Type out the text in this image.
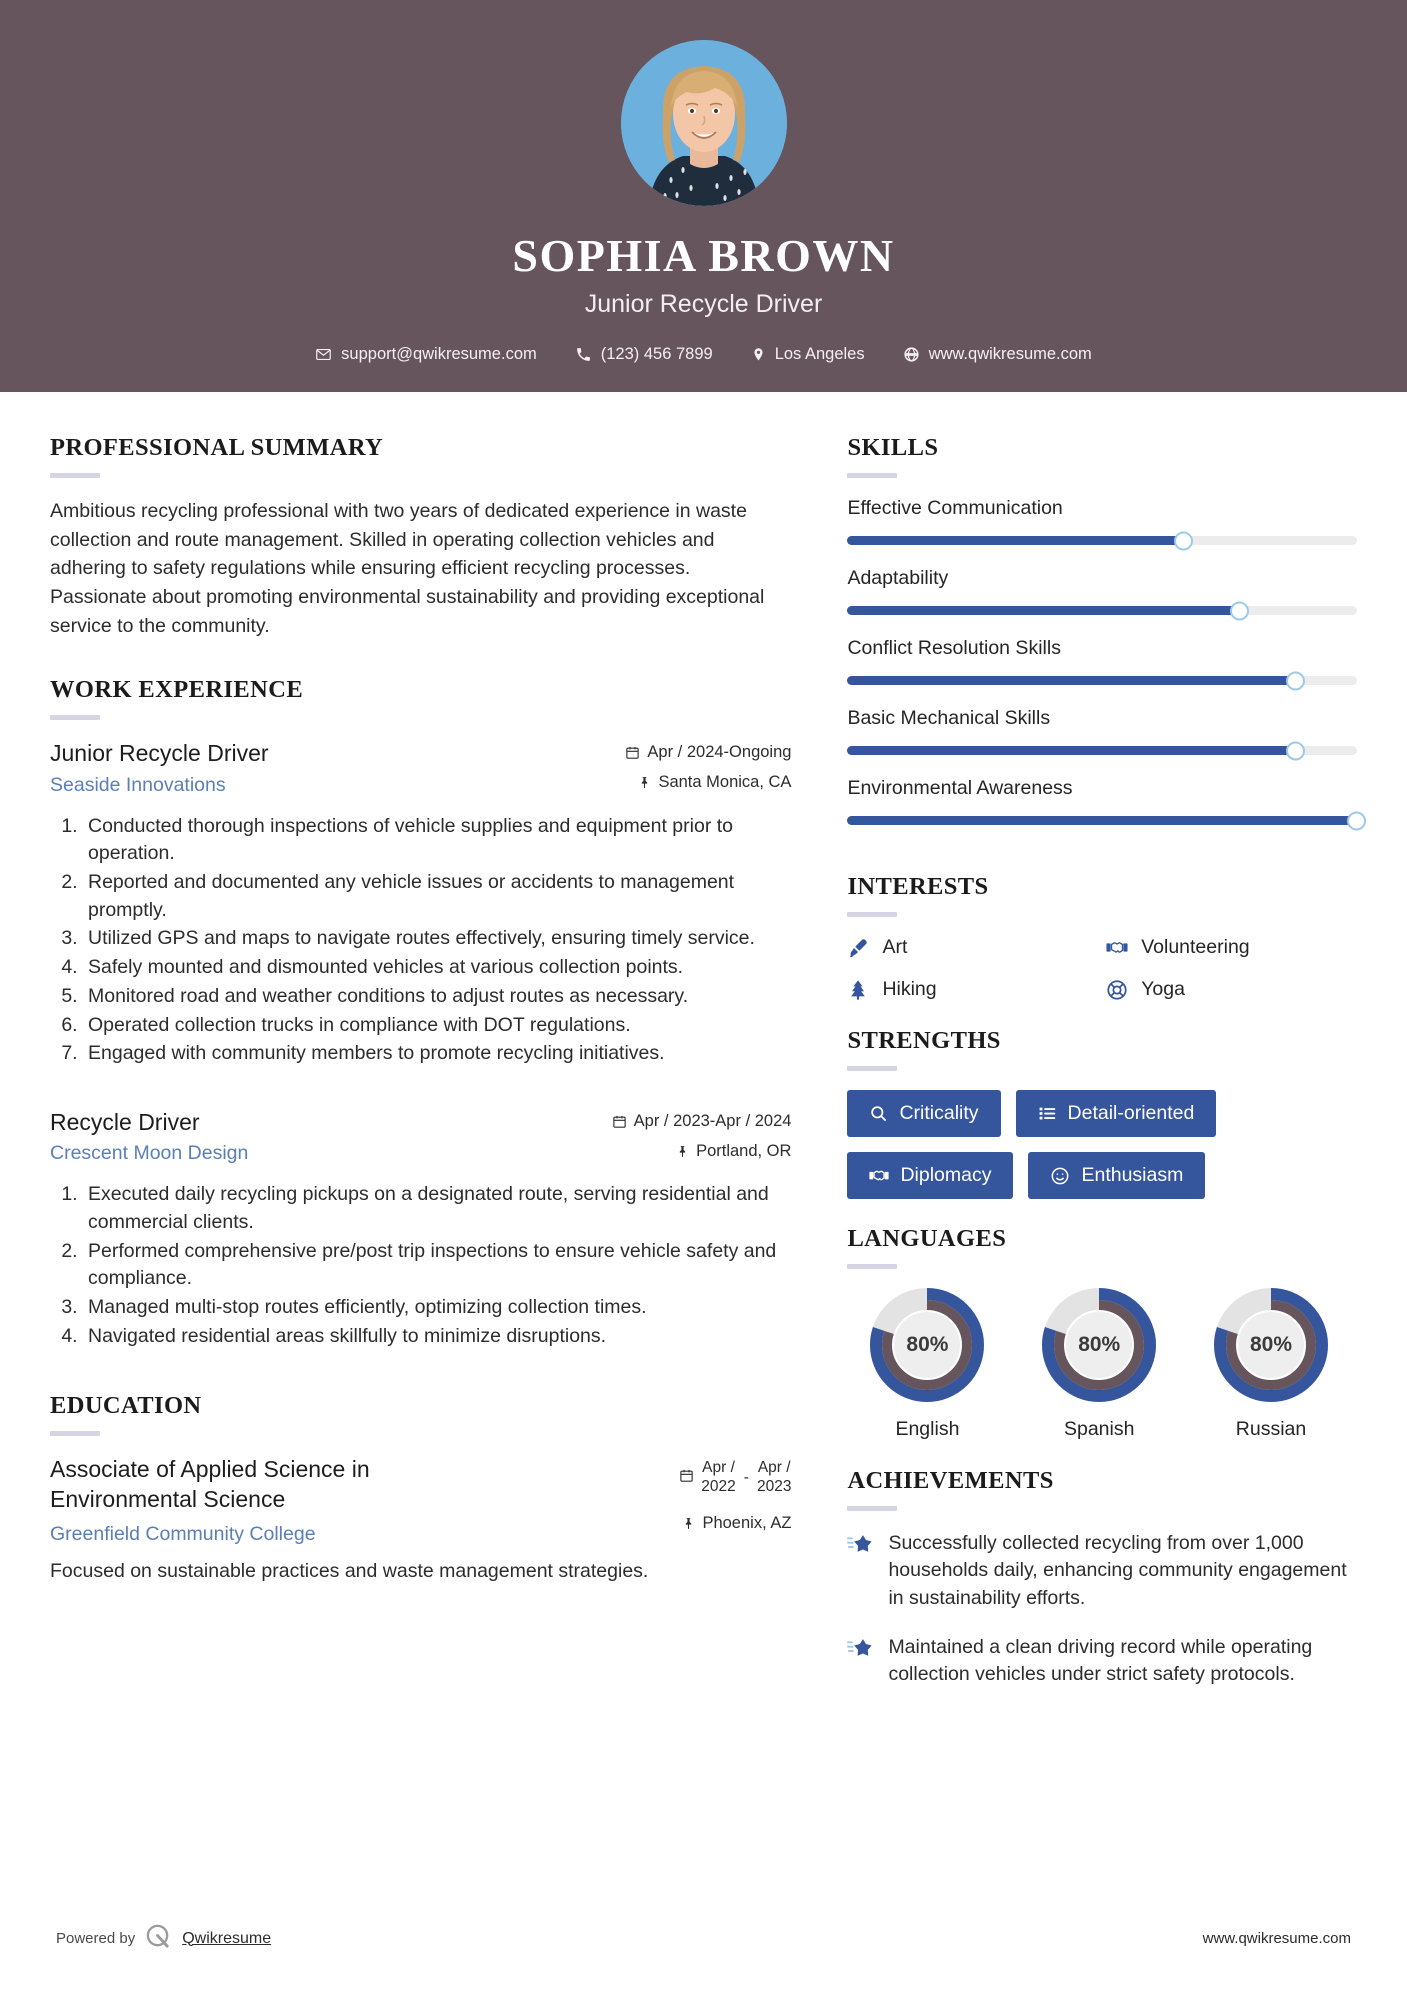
SOPHIA BROWN
Junior Recycle Driver
support@qwikresume.com	(123) 456 7899	Los Angeles	www.qwikresume.com
PROFESSIONAL SUMMARY
Ambitious recycling professional with two years of dedicated experience in waste collection and route management. Skilled in operating collection vehicles and adhering to safety regulations while ensuring efficient recycling processes. Passionate about promoting environmental sustainability and providing exceptional service to the community.
WORK EXPERIENCE
Junior Recycle Driver
Seaside Innovations
Apr / 2024-Ongoing
Santa Monica, CA
1. Conducted thorough inspections of vehicle supplies and equipment prior to operation.
2. Reported and documented any vehicle issues or accidents to management promptly.
3. Utilized GPS and maps to navigate routes effectively, ensuring timely service.
4. Safely mounted and dismounted vehicles at various collection points.
5. Monitored road and weather conditions to adjust routes as necessary.
6. Operated collection trucks in compliance with DOT regulations.
7. Engaged with community members to promote recycling initiatives.
Recycle Driver
Crescent Moon Design
Apr / 2023-Apr / 2024
Portland, OR
1. Executed daily recycling pickups on a designated route, serving residential and commercial clients.
2. Performed comprehensive pre/post trip inspections to ensure vehicle safety and compliance.
3. Managed multi-stop routes efficiently, optimizing collection times.
4. Navigated residential areas skillfully to minimize disruptions.
EDUCATION
Associate of Applied Science in Environmental Science
Greenfield Community College
Apr /
2022
-
Apr /
2023
Phoenix, AZ
Focused on sustainable practices and waste management strategies.
SKILLS
Effective Communication
Adaptability
Conflict Resolution Skills
Basic Mechanical Skills
Environmental Awareness
INTERESTS
Art	Volunteering
Hiking	Yoga
STRENGTHS
Criticality	Detail-oriented
Diplomacy	Enthusiasm
LANGUAGES
80%
English
80%
Spanish
80%
Russian
ACHIEVEMENTS
Successfully collected recycling from over 1,000 households daily, enhancing community engagement in sustainability efforts.
Maintained a clean driving record while operating collection vehicles under strict safety protocols.
Powered by	Qwikresume	www.qwikresume.com
